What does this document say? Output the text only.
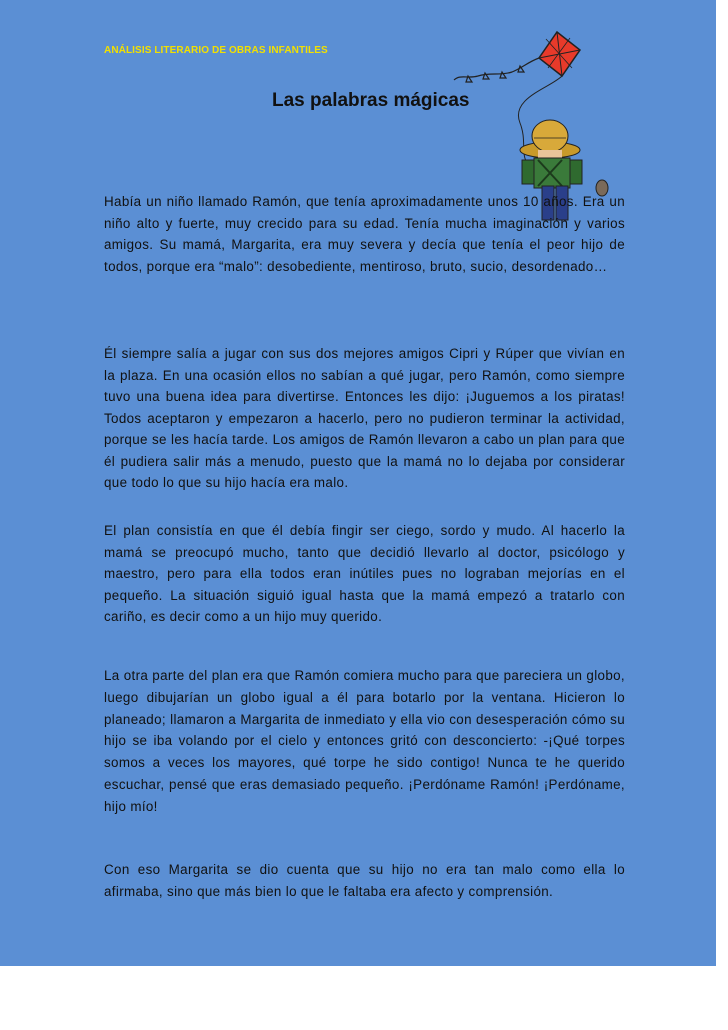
ANÁLISIS LITERARIO DE OBRAS INFANTILES
Las palabras mágicas

Había un niño llamado Ramón, que tenía aproximadamente unos 10 años. Era un niño alto y fuerte, muy crecido para su edad. Tenía mucha imaginación y varios amigos. Su mamá, Margarita, era muy severa y decía que tenía el peor hijo de todos, porque era “malo”: desobediente, mentiroso, bruto, sucio, desordenado…

Él siempre salía a jugar con sus dos mejores amigos Cipri y Rúper que vivían en la plaza. En una ocasión ellos no sabían a qué jugar, pero Ramón, como siempre tuvo una buena idea para divertirse. Entonces les dijo: ¡Juguemos a los piratas! Todos aceptaron y empezaron a hacerlo, pero no pudieron terminar la actividad, porque se les hacía tarde. Los amigos de Ramón llevaron a cabo un plan para que él pudiera salir más a menudo, puesto que la mamá no lo dejaba por considerar que todo lo que su hijo hacía era malo.

El plan consistía en que él debía fingir ser ciego, sordo y mudo. Al hacerlo la mamá se preocupó mucho, tanto que decidió llevarlo al doctor, psicólogo y maestro, pero para ella todos eran inútiles pues no lograban mejorías en el pequeño. La situación siguió igual hasta que la mamá empezó a tratarlo con cariño, es decir como a un hijo muy querido.

La otra parte del plan era que Ramón comiera mucho para que pareciera un globo, luego dibujarían un globo igual a él para botarlo por la ventana. Hicieron lo planeado; llamaron a Margarita de inmediato y ella vio con desesperación cómo su hijo se iba volando por el cielo y entonces gritó con desconcierto: -¡Qué torpes somos a veces los mayores, qué torpe he sido contigo! Nunca te he querido escuchar, pensé que eras demasiado pequeño. ¡Perdóname Ramón! ¡Perdóname, hijo mío!

Con eso Margarita se dio cuenta que su hijo no era tan malo como ella lo afirmaba, sino que más bien lo que le faltaba era afecto y comprensión.
